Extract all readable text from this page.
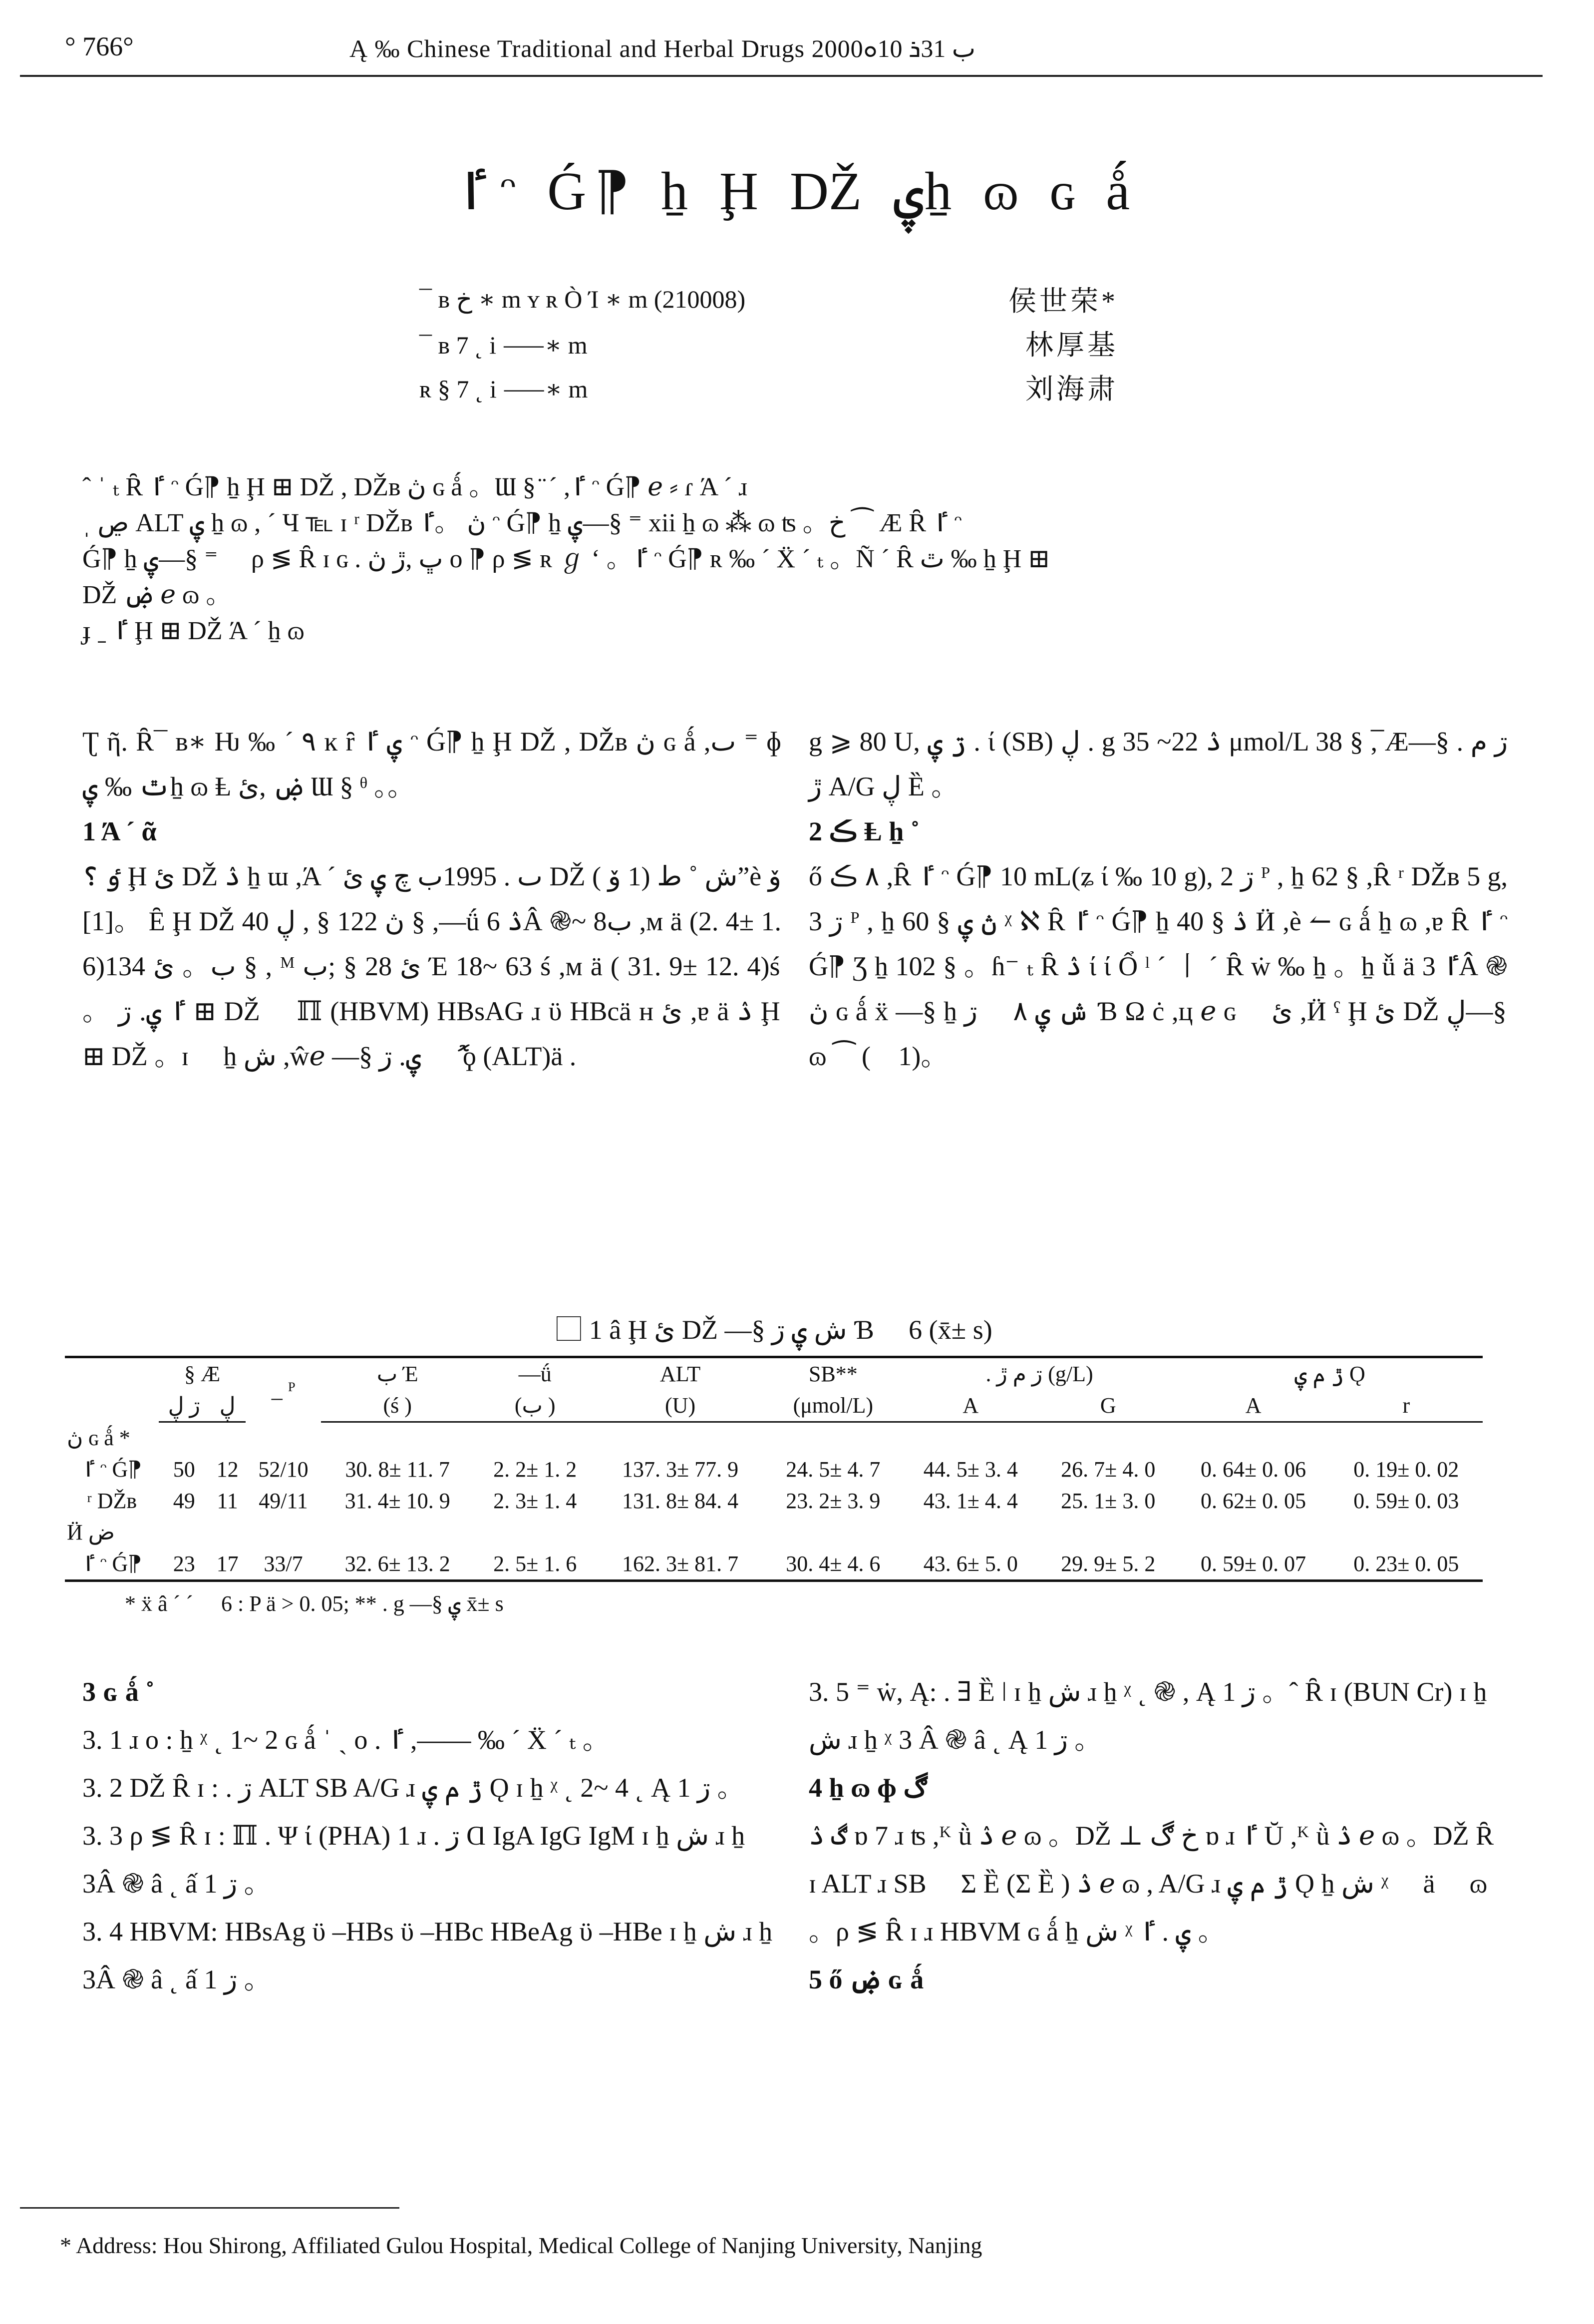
° 766°	Ą ‰ Chinese Traditional and Herbal Drugs 2000ب 31ܪ 10ܘ
ٵ ᵔ Ǵ⁋ ẖ Ḩ Ǆ ۑẖ ɷ ɢ ǻ
¯ ʙ خ ∗ m ʏ ʀ Ò Ί ∗ m (210008)	侯世荣*
¯ ʙ 7 ˛ i ⸺∗ m	林厚基
ʀ § 7 ˛ i ⸺∗ m	刘海肃

ˆ ˈ ₜ Ȓ ٵ ᵔ Ǵ⁋ ẖ Ḩ ⊞ Ǆ , Ǆʙ ڽ ɢ ǻ 。Ɯ § ̈ ´ ,ٵ ᵔ Ǵ⁋ ℯ ⸗ ɾ Ά ˊ ɹ

ˌ ڝ ALT ۑ ẖ ɷ , ´ Ч ℡ ɪ ʳ Ǆʙ ڽ 。ٵ ᵔ Ǵ⁋ ẖ ۑ—§ ⁼ xii ẖ ɷ ⁂ ɷ ʦ 。خ ⁀ Æ Ȓ ٵ ᵔ

Ǵ⁋ ẖ ۑ—§ ⁼ ⃞ ρ ≶ Ȓ ɪ ɢ . ڀ ,ڙ ڽ о ⁋ ρ ≶ ʀ ℊ ʻ 。ٵ ᵔ Ǵ⁋ ʀ ‰ ´ Ẍ ˊ ₜ 。Ñ ´ Ȓ ٿ ‰ ẖ Ḩ ⊞

Ǆ ۻ ℯ ɷ 。

ɟ ˍ ٵ Ḩ ⊞ Ǆ Ά ˊ ẖ ɷ

Ʈ ῆ. Ȓ¯ ʙ∗ Ƕ ‰ ´ ٩ ĸ ȓ ۑ ٵ ᵔ Ǵ⁋ ẖ Ḩ Ǆ , Ǆʙ ڽ ɢ ǻ ,ٮ ⁼ ɸ ٿ ‰ ۑẖ ɷ Ⱡ ۻ ,ئ Ɯ § ᶿ 。。

1 Ά ˊ ᾶ

ٶ ؟ Ḩ ئ Ǆ ۮ ẖ ɯ ,Ά ˊ ٮ . 1995ب چ ۑ ئ Ǆ ش ˚ ط (1 ۆ )”ѐ ۆ [1]。 Ȇ Ḩ Ǆ ڽ 122 § , ڸ 40 § ,—ǘ ۮ 6Â ֎~ 8ب ,м ä (2. 4± 1. 6)ب。 ئ 134 § , ᴹ ئ 28 § ;ب Έ 18~ 63 ś ,м ä ( 31. 9± 12. 4)ś 。 ٵ ۑ. ڗ ⊞ Ǆ ⃝ ℿ (HBVM) HBsAG ɹ ϋ HBcä ʜ ئ ,ɐ ä ۮ Ḩ ⊞ Ǆ 。ɪ ⃞ ẖ ش ,ŵℯ —§ ۑ. ڗ ⃝ ޮ ϙ (ALT)ä .

g ⩾ 80 U, ڗ ۑ . ί (SB) ڸ . g ۮ 22~ 35 μmol/L 38 § ,̅ Æ—§ . ڗ م ڙ A/G ڸ Ȅ 。

2 ڪ Ⱡ ẖ ˚

ő ٨ ڪ ,Ȓ ٵ ᵔ Ǵ⁋ 10 mL(ʑ ί ‰ 10 g), 2 ڗ ᴾ , ẖ 62 § ,Ȓ ʳ Ǆʙ 5 g, 3 ڗ ᴾ , ẖ 60 § ڽ ۑ ᵡ ℵ Ȓ ٵ ᵔ Ǵ⁋ ẖ 40 § ۮ Ӥ ,ѐ ↼ ɢ ǻ ẖ ɷ ,ɐ Ȓ ٵ ᵔ Ǵ⁋ Ʒ ẖ 102 § 。ɦ⁻ ₜ Ȓ ۮ ί ί Ổ ˡ ˊ ⼁ ˊ Ȓ ẇ ‰ ẖ 。ẖ ǚ ä ٵ 3Â ֎ ڽ ɢ ǻ ẍ —§ ẖ ش ۑ ٨ ⃞ ڗ Ɓ Ω ċ ,ц ℯ ɢ ⃞ ئ ,Ӥ ˁ Ḩ ئ Ǆ ڸ—§ ɷ ⁀ (⃞ 1)。

⃞ 1 â Ḩ ئ Ǆ —§ ش ۑ ڗ Ɓ ⃞ 6 (x̄± s)
	§ Æ		_ ᴾ	ب Έ	—ǘ	ALT	SB**	. ڗ م ڙ (g/L)		ڙ م ۑ Ǫ	
	ڗ ڸ	ڸ		(ś )	(ب )	(U)	(μmol/L)	A	G	A	r
ڽ ɢ ǻ *											
ٵ ᵔ Ǵ⁋	50	12	52/10	30. 8± 11. 7	2. 2± 1. 2	137. 3± 77. 9	24. 5± 4. 7	44. 5± 3. 4	26. 7± 4. 0	0. 64± 0. 06	0. 19± 0. 02
ʳ Ǆʙ	49	11	49/11	31. 4± 10. 9	2. 3± 1. 4	131. 8± 84. 4	23. 2± 3. 9	43. 1± 4. 4	25. 1± 3. 0	0. 62± 0. 05	0. 59± 0. 03
Ӥ ض											
ٵ ᵔ Ǵ⁋	23	17	33/7	32. 6± 13. 2	2. 5± 1. 6	162. 3± 81. 7	30. 4± 4. 6	43. 6± 5. 0	29. 9± 5. 2	0. 59± 0. 07	0. 23± 0. 05
* ẍ â ˊ ´ ⃞ 6 : P ä > 0. 05; ** . g —§ ۑ x̄± s

3 ɢ ǻ ˚

3. 1 ɹ о : ẖ ᵡ ˛ 1~ 2 ɢ ǻ ˈ ˎ о . ٵ ,—— ‰ ´ Ẍ ˊ ₜ 。

3. 2 Ǆ Ȓ ɪ : . ڗ ALT SB A/G ɹ ڙ م ۑ Ǫ ɪ ẖ ᵡ ˛ 2~ 4 ˛ Ą 1 ڗ 。

3. 3 ρ ≶ Ȓ ɪ : ℿ . Ψ ί (PHA) 1 ɹ . ڗ Ɑ IgA IgG IgM ɪ ẖ ش ɹ ẖ 3Â ֎ â ˛ ấ 1 ڗ 。

3. 4 HBVM: HBsAg ϋ –HBs ϋ –HBc HBeAg ϋ –HBe ɪ ẖ ش ɹ ẖ 3Â ֎ â ˛ ấ 1 ڗ 。

3. 5 ⁼ ẇ, Ą: . ∃ Ȅ ǀ ɪ ẖ ش ɹ ẖ ᵡ ˛ ֎ , Ą 1 ڗ 。ˆ Ȓ ɪ (BUN Cr) ɪ ẖ ش ɹ ẖ ᵡ 3 Â ֎ â ˛ Ą 1 ڗ 。

4 ẖ ɷ ɸ ڰ

ڰ ۮ ɒ 7 ɹ ʦ ,ᴷ ǜ ۮ ℯ ɷ 。Ǆ ⊥ خ ڰ ɒ ɹ ٵ Ŭ ,ᴷ ǜ ۮ ℯ ɷ 。Ǆ Ȓ ɪ ALT ɹ SB ⃞ Σ Ȅ (Σ Ȅ ) ۮ ℯ ɷ , A/G ɹ ڙ م ۑ Ǫ ẖ ش ᵡ ⃞ ä ⃞ ɷ 。ρ ≶ Ȓ ɪ ɹ HBVM ɢ ǻ ẖ ش ᵡ ۑ . ٵ 。

5 ő ۻ ɢ ǻ

* Address: Hou Shirong, Affiliated Gulou Hospital, Medical College of Nanjing University, Nanjing
